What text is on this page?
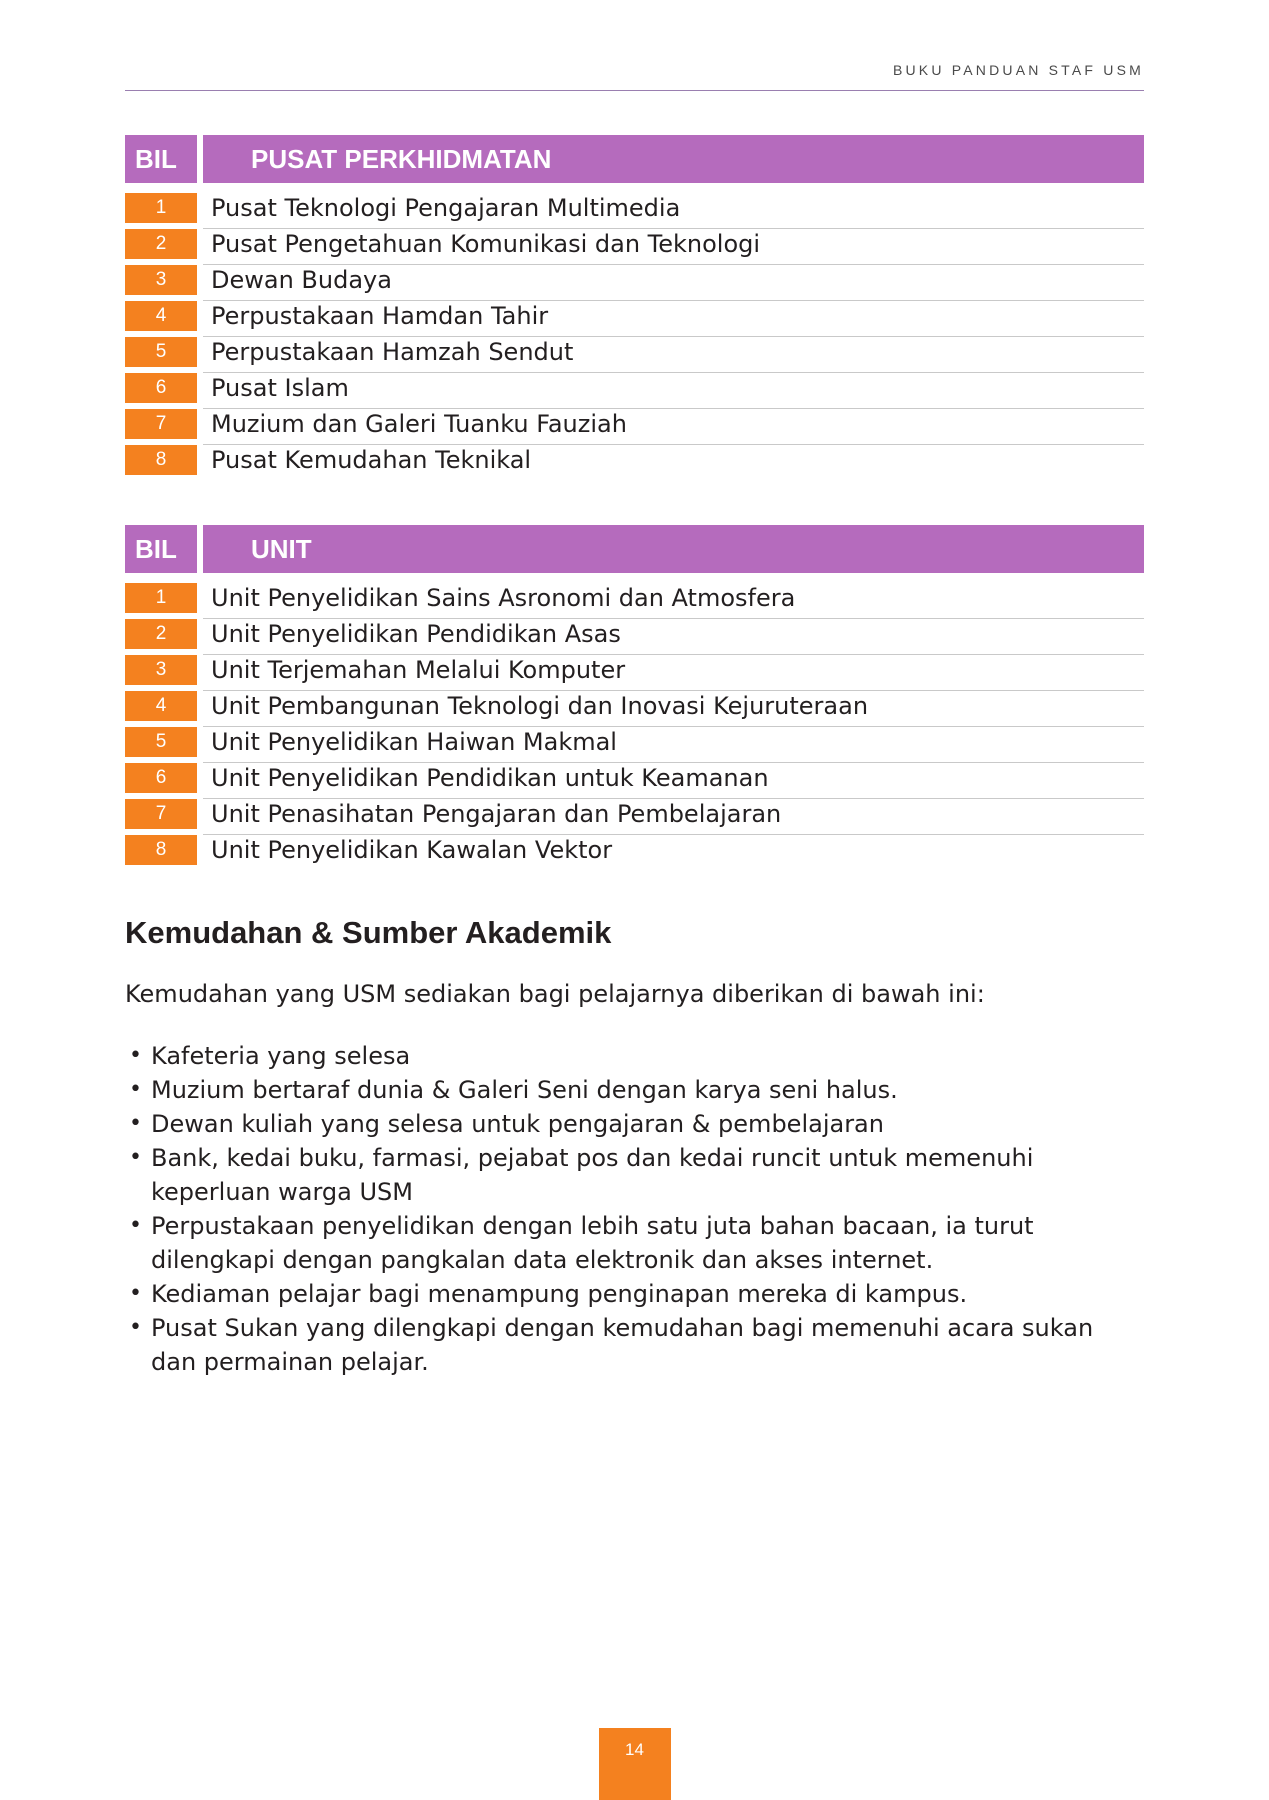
BUKU PANDUAN STAF USM
BIL	PUSAT PERKHIDMATAN
1	Pusat Teknologi Pengajaran Multimedia
2	Pusat Pengetahuan Komunikasi dan Teknologi
3	Dewan Budaya
4	Perpustakaan Hamdan Tahir
5	Perpustakaan Hamzah Sendut
6	Pusat Islam
7	Muzium dan Galeri Tuanku Fauziah
8	Pusat Kemudahan Teknikal
BIL	UNIT
1	Unit Penyelidikan Sains Asronomi dan Atmosfera
2	Unit Penyelidikan Pendidikan Asas
3	Unit Terjemahan Melalui Komputer
4	Unit Pembangunan Teknologi dan Inovasi Kejuruteraan
5	Unit Penyelidikan Haiwan Makmal
6	Unit Penyelidikan Pendidikan untuk Keamanan
7	Unit Penasihatan Pengajaran dan Pembelajaran
8	Unit Penyelidikan Kawalan Vektor
Kemudahan & Sumber Akademik

Kemudahan yang USM sediakan bagi pelajarnya diberikan di bawah ini:

• Kafeteria yang selesa
• Muzium bertaraf dunia & Galeri Seni dengan karya seni halus.
• Dewan kuliah yang selesa untuk pengajaran & pembelajaran
• Bank, kedai buku, farmasi, pejabat pos dan kedai runcit untuk memenuhi keperluan warga USM
• Perpustakaan penyelidikan dengan lebih satu juta bahan bacaan, ia turut dilengkapi dengan pangkalan data elektronik dan akses internet.
• Kediaman pelajar bagi menampung penginapan mereka di kampus.
• Pusat Sukan yang dilengkapi dengan kemudahan bagi memenuhi acara sukan dan permainan pelajar.
14
